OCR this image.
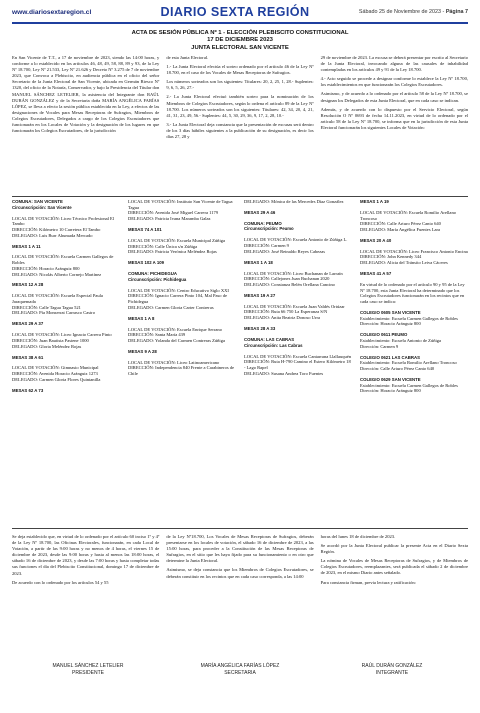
www.diariosextaregion.cl	DIARIO SEXTA REGIÓN	Sábado 25 de Noviembre de 2023 - Página 7
ACTA DE SESIÓN PÚBLICA Nº 1 - ELECCIÓN PLEBISCITO CONSTITUCIONAL
17 DE DICIEMBRE 2023
JUNTA ELECTORAL SAN VICENTE

En San Vicente de T.T., a 17 de noviembre de 2023, siendo las 14:00 horas, y conforme a lo establecido en los artículos 46, 48, 49, 58, 88, 89 y 93, de la Ley Nº 18.700, Ley Nº 21.533, Ley Nº 21.626 y Decreto Nº 3.275 de 7 de noviembre 2023, que Convoca a Plebiscito, en audiencia pública en el oficio del señor Secretario de la Junta Electoral de San Vicente, ubicada en Germán Riesco Nº 1320, del oficio de la Notaría, Conservador, y bajo la Presidencia del Titular don MANUEL SÁNCHEZ LETELIER, la asistencia del Integrante don RAÚL DURÁN GONZÁLEZ y de la Secretaria doña MARÍA ANGÉLICA FARÍAS LÓPEZ, se lleva a efecto la sesión pública establecida en la Ley, a efectos de las designaciones de Vocales para Mesas Receptoras de Sufragios, Miembros de Colegios Escrutadores, Delegados a cargo de los Colegios Escrutadores que funcionarán en los Locales de Votación y la designación de los lugares en que funcionarán los Colegios Escrutadores, de la jurisdicción

de esta Junta Electoral.

1.- La Junta Electoral efectúa el sorteo ordenado por el artículo 46 de la Ley Nº 18.700, en el caso de los Vocales de Mesas Receptoras de Sufragios.

Los números sorteados son los siguientes: Titulares: 20, 2, 25, 1, 28.- Suplentes: 9, 6, 5, 26, 27.-

2.- La Junta Electoral efectuó también sorteo para la nominación de los Miembros de Colegios Escrutadores, según lo ordena el artículo 89 de la Ley Nº 18.700. Los números sorteados son los siguientes: Titulares: 42, 34, 20, 4, 21, 41, 31, 23, 49, 56.- Suplentes: 44, 5, 30, 29, 36, 9, 17, 2, 28, 10.-

3.- La Junta Electoral deja constancia que la presentación de excusas será dentro de los 3 días hábiles siguientes a la publicación de su designación, es decir los días 27, 28 y

29 de noviembre de 2023. La excusa se deberá presentar por escrito al Secretario de la Junta Electoral, invocando alguna de las causales de inhabilidad contempladas en los artículos 49 y 91 de la Ley 18.700.

4.- Acto seguido se procede a designar conforme lo establece la Ley Nº 18.700, los establecimientos en que funcionarán los Colegios Escrutadores.

Asimismo, y de acuerdo a lo ordenado por el artículo 58 de la Ley Nº 18.700, se designan los Delegados de esta Junta Electoral, que en cada caso se indican.

Además, y de acuerdo con lo dispuesto por el Servicio Electoral, según Resolución O Nº 0693 de fecha 14.11.2023, en virtud de lo ordenado por el artículo 58 de la Ley Nº 18.700, se informa que en la jurisdicción de esta Junta Electoral funcionarán los siguientes Locales de Votación:

COMUNA: SAN VICENTE
Circunscripción: San Vicente
LOCAL DE VOTACIÓN: Liceo Técnico Profesional El Tambo
DIRECCIÓN: Kilómetro 10 Carretera El Tambo
DELEGADO: Luis Burr Ahumada Mercado
MESAS 1 A 11
LOCAL DE VOTACIÓN: Escuela Carmen Gallegos de Robles
DIRECCIÓN: Horacio Aránguiz 800
DELEGADO: Nicolás Alberto Cornejo Martínez
MESAS 12 A 28
LOCAL DE VOTACIÓN: Escuela Especial Paula Jaraquemada
DIRECCIÓN: Calle Tagua Tagua 521
DELEGADO: Pía Monserrat Carrasco Castro
MESAS 29 A 37
LOCAL DE VOTACIÓN: Liceo Ignacio Carrera Pinto
DIRECCIÓN: Juan Bautista Pastene 1000
DELEGADO: Gloria Meléndez Rojas
MESAS 38 A 61
LOCAL DE VOTACIÓN: Gimnasio Municipal
DIRECCIÓN: Avenida Horacio Aránguiz 1273
DELEGADO: Carmen Gloria Flores Quintanilla
MESAS 62 A 73
LOCAL DE VOTACIÓN: Instituto San Vicente de Tagua Tagua
DIRECCIÓN: Avenida José Miguel Carrera 1179
DELEGADO: Patricia Ivana Maramba Galaz
MESAS 74 A 101
LOCAL DE VOTACIÓN: Escuela Municipal Zúñiga
DIRECCIÓN: Calle Única s/n Zúñiga
DELEGADO: Patricia Verónica Meléndez Rojas
MESAS 102 A 109
COMUNA: PICHIDEGUA
Circunscripción: Pichidegua
LOCAL DE VOTACIÓN: Centro Educativo Siglo XXI
DIRECCIÓN: Ignacio Carrera Pinto 104, Mal Paso de Pichidegua
DELEGADO: Carmen Gloria Carter Contreras
MESAS 1 A 8
LOCAL DE VOTACIÓN: Escuela Enrique Serrano
DIRECCIÓN: Santa María 439
DELEGADO: Yolanda del Carmen Contreras Zúñiga
MESAS 9 A 28
LOCAL DE VOTACIÓN: Liceo Latinoamericano
DIRECCIÓN: Independencia 840 Frente a Carabineros de Chile
DELEGADO: Mónica de las Mercedes Díaz González
MESAS 29 A 46
COMUNA: PEUMO
Circunscripción: Peumo
LOCAL DE VOTACIÓN: Escuela Antonio de Zúñiga L.
DIRECCIÓN: Carmen 9
DELEGADO: José Reinaldo Reyes Cabezas
MESAS 1 A 18
LOCAL DE VOTACIÓN: Liceo Buchanan de Larraín
DIRECCIÓN: Callejones Juan Buchanan 2020
DELEGADO: Constanza Belén Orellana Cancino
MESAS 19 A 27
LOCAL DE VOTACIÓN: Escuela Juan Valdés Ortúzar
DIRECCIÓN: Ruta 66 750 La Esperanza S/N
DELEGADO: Anita Beatriz Donoso Urra
MESAS 28 A 33
COMUNA: LAS CABRAS
Circunscripción: Las Cabras
LOCAL DE VOTACIÓN: Escuela Cantarrana Llallauquén
DIRECCIÓN: Ruta H-790 Camino el Estero Kilómetro 18 - Lago Rapel
DELEGADO: Susana Andrea Toro Fuentes
MESAS 1 A 19
LOCAL DE VOTACIÓN: Escuela Romilio Arellano Troncoso
DIRECCIÓN: Calle Arturo Pérez Canto 640
DELEGADO: María Angélica Fuentes Lara
MESAS 20 A 40
LOCAL DE VOTACIÓN: Liceo Francisco Antonio Encina
DIRECCIÓN: John Kennedy 344
DELEGADO: Alicia del Tránsito Leiva Cáceres
MESAS 41 A 57
En virtud de lo ordenado por el artículo 90 y 95 de la Ley Nº 18.700, esta Junta Electoral ha determinado que los Colegios Escrutadores funcionarán en los recintos que en cada caso se indica:
COLEGIO 0605 SAN VICENTE
Establecimiento: Escuela Carmen Gallegos de Robles
Dirección: Horacio Aránguiz 800
COLEGIO 0611 PEUMO
Establecimiento: Escuela Antonio de Zúñiga
Dirección: Carmen 9
COLEGIO 0621 LAS CABRAS
Establecimiento: Escuela Romilio Arellano Troncoso
Dirección: Calle Arturo Pérez Canto 640
COLEGIO 0629 SAN VICENTE
Establecimiento: Escuela Carmen Gallegos de Robles
Dirección: Horacio Aránguiz 800

Se deja establecido que, en virtud de lo ordenado por el artículo 60 inciso 1º y 4º de la Ley Nº 18.700, las Oficinas Electorales, funcionarán, en cada Local de Votación, a partir de las 9:00 horas y no menos de 4 horas, el viernes 15 de diciembre de 2023, desde las 9:00 horas y hasta al menos las 18:00 horas, el sábado 16 de diciembre de 2023, y desde las 7:00 horas y hasta completar todas sus funciones el día del Plebiscito Constitucional, domingo 17 de diciembre de 2023.

De acuerdo con lo ordenado por los artículos 54 y 55

de la Ley Nº18.700, Los Vocales de Mesas Receptoras de Sufragios, deberán presentarse en los locales de votación, el sábado 16 de diciembre de 2023, a las 15:00 horas, para proceder a la Constitución de las Mesas Receptoras de Sufragios, en el sitio que les haya fijado para su funcionamiento o en otro que determine la Junta Electoral.

Asimismo, se deja constancia que los Miembros de Colegios Escrutadores, se deberán constituir en los recintos que en cada caso corresponda, a las 14:00

horas del lunes 18 de diciembre de 2023.

Se acordó por la Junta Electoral publicar la presente Acta en el Diario Sexta Región.

La nómina de Vocales de Mesas Receptoras de Sufragios, y de Miembros de Colegios Escrutadores, reemplazantes, será publicada el sábado 2 de diciembre de 2023, en el mismo Diario antes señalado.

Para constancia firman, previa lectura y ratificación:

MANUEL SÁNCHEZ LETELIER
PRESIDENTE
MARÍA ANGÉLICA FARÍAS LÓPEZ
SECRETARIA
RAÚL DURÁN GONZÁLEZ
INTEGRANTE
